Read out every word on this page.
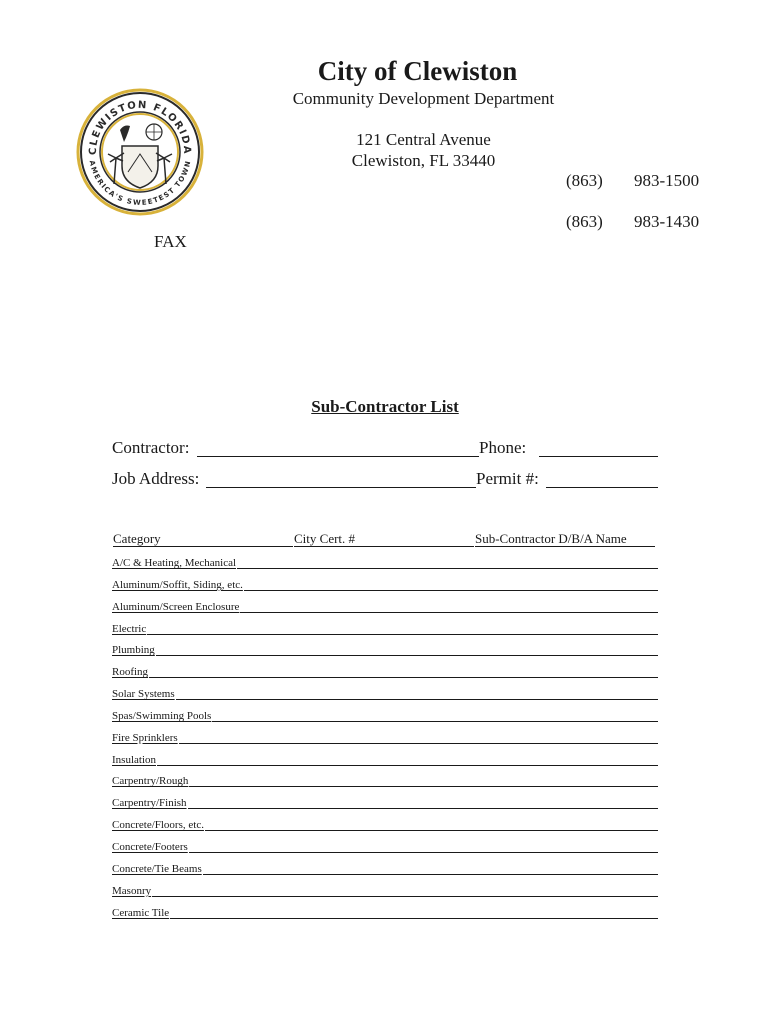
CLEWISTON FLORIDA
AMERICA'S SWEETEST TOWN
City of Clewiston
Community Development Department
121 Central Avenue
Clewiston, FL 33440
(863) 983-1500
(863) 983-1430
FAX
Sub-Contractor List
Contractor:	Phone:
Job Address:	Permit #:
Category	City Cert. #	Sub-Contractor D/B/A Name
A/C & Heating, Mechanical
Aluminum/Soffit, Siding, etc.
Aluminum/Screen Enclosure
Electric
Plumbing
Roofing
Solar Systems
Spas/Swimming Pools
Fire Sprinklers
Insulation
Carpentry/Rough
Carpentry/Finish
Concrete/Floors, etc.
Concrete/Footers
Concrete/Tie Beams
Masonry
Ceramic Tile
